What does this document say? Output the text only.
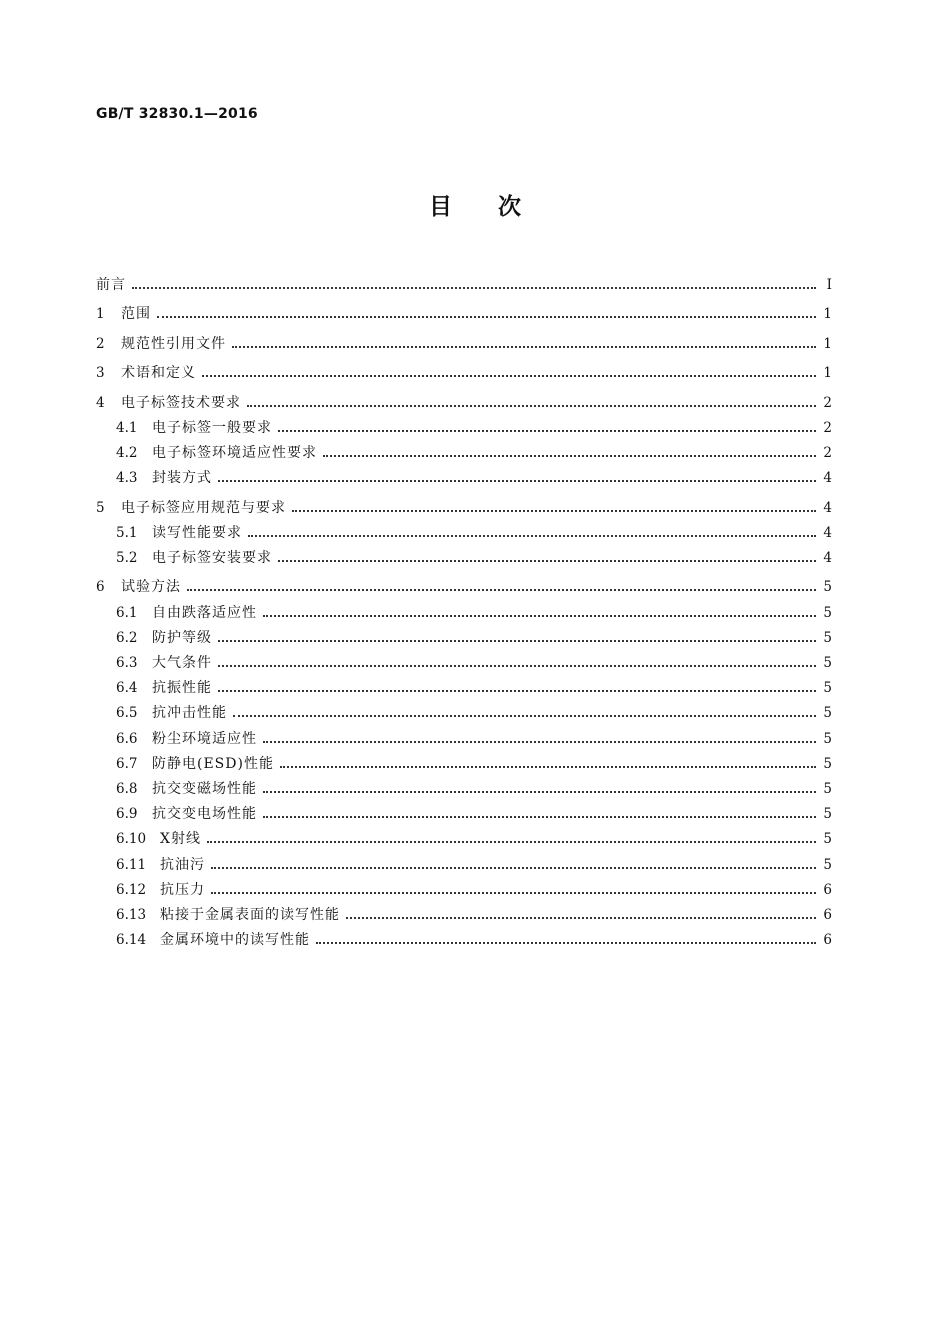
GB/T 32830.1—2016
目次
前言	Ⅰ
1	范围	1
2	规范性引用文件	1
3	术语和定义	1
4	电子标签技术要求	2
4.1	电子标签一般要求	2
4.2	电子标签环境适应性要求	2
4.3	封装方式	4
5	电子标签应用规范与要求	4
5.1	读写性能要求	4
5.2	电子标签安装要求	4
6	试验方法	5
6.1	自由跌落适应性	5
6.2	防护等级	5
6.3	大气条件	5
6.4	抗振性能	5
6.5	抗冲击性能	5
6.6	粉尘环境适应性	5
6.7	防静电(ESD)性能	5
6.8	抗交变磁场性能	5
6.9	抗交变电场性能	5
6.10 X射线	5
6.11 抗油污	5
6.12 抗压力	6
6.13 粘接于金属表面的读写性能	6
6.14 金属环境中的读写性能	6
